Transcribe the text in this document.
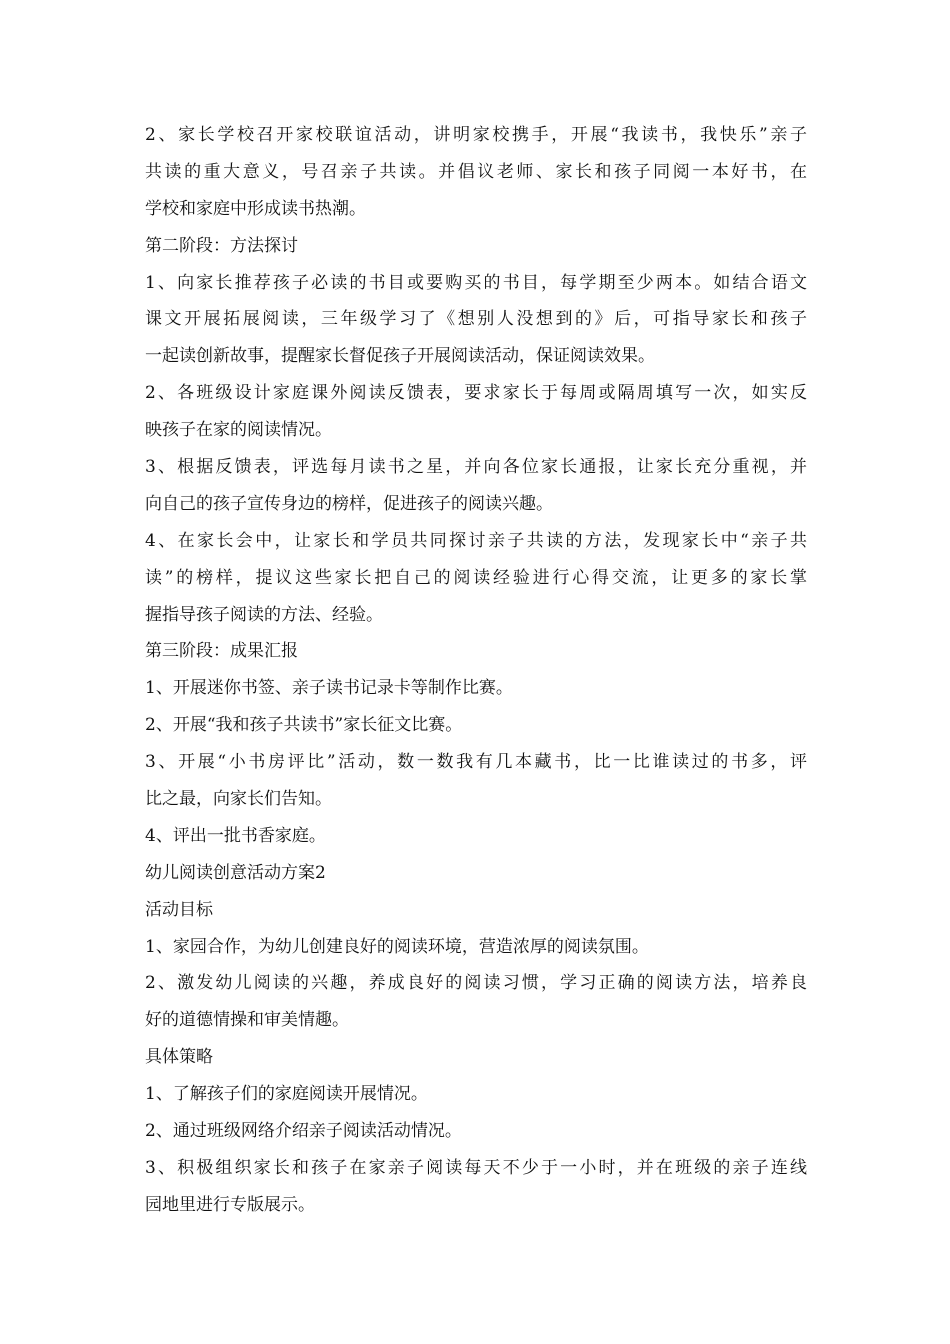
2、家长学校召开家校联谊活动，讲明家校携手，开展“我读书，我快乐”亲子
共读的重大意义，号召亲子共读。并倡议老师、家长和孩子同阅一本好书，在
学校和家庭中形成读书热潮。
第二阶段：方法探讨
1、向家长推荐孩子必读的书目或要购买的书目，每学期至少两本。如结合语文
课文开展拓展阅读，三年级学习了《想别人没想到的》后，可指导家长和孩子
一起读创新故事，提醒家长督促孩子开展阅读活动，保证阅读效果。
2、各班级设计家庭课外阅读反馈表，要求家长于每周或隔周填写一次，如实反
映孩子在家的阅读情况。
3、根据反馈表，评选每月读书之星，并向各位家长通报，让家长充分重视，并
向自己的孩子宣传身边的榜样，促进孩子的阅读兴趣。
4、在家长会中，让家长和学员共同探讨亲子共读的方法，发现家长中“亲子共
读”的榜样，提议这些家长把自己的阅读经验进行心得交流，让更多的家长掌
握指导孩子阅读的方法、经验。
第三阶段：成果汇报
1、开展迷你书签、亲子读书记录卡等制作比赛。
2、开展“我和孩子共读书”家长征文比赛。
3、开展“小书房评比”活动，数一数我有几本藏书，比一比谁读过的书多，评
比之最，向家长们告知。
4、评出一批书香家庭。
幼儿阅读创意活动方案2
活动目标
1、家园合作，为幼儿创建良好的阅读环境，营造浓厚的阅读氛围。
2、激发幼儿阅读的兴趣，养成良好的阅读习惯，学习正确的阅读方法，培养良
好的道德情操和审美情趣。
具体策略
1、了解孩子们的家庭阅读开展情况。
2、通过班级网络介绍亲子阅读活动情况。
3、积极组织家长和孩子在家亲子阅读每天不少于一小时，并在班级的亲子连线
园地里进行专版展示。
